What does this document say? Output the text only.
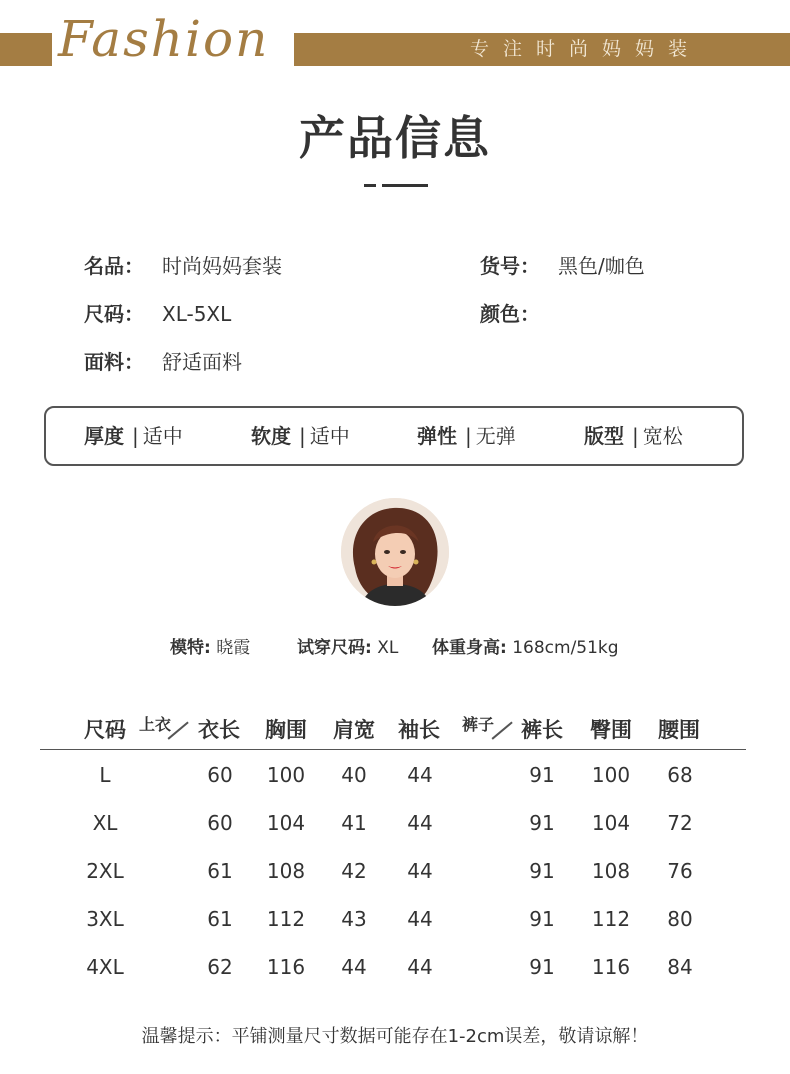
Fashion	专注时尚妈妈装
产品信息
名品： 时尚妈妈套装	货号： 黑色/咖色
尺码： XL-5XL	颜色：
面料： 舒适面料
厚度 | 适中	软度 | 适中	弹性 | 无弹	版型 | 宽松
模特: 晓霞	试穿尺码: XL 体重身高: 168cm/51kg
尺码 上衣 衣长 胸围 肩宽 袖长 裤子 裤长 臀围 腰围
L	60	100	40	44	91	100	68
XL	60	104	41	44	91	104	72
2XL	61	108	42	44	91	108	76
3XL	61	112	43	44	91	112	80
4XL	62	116	44	44	91	116	84
温馨提示：平铺测量尺寸数据可能存在1-2cm误差，敬请谅解！
